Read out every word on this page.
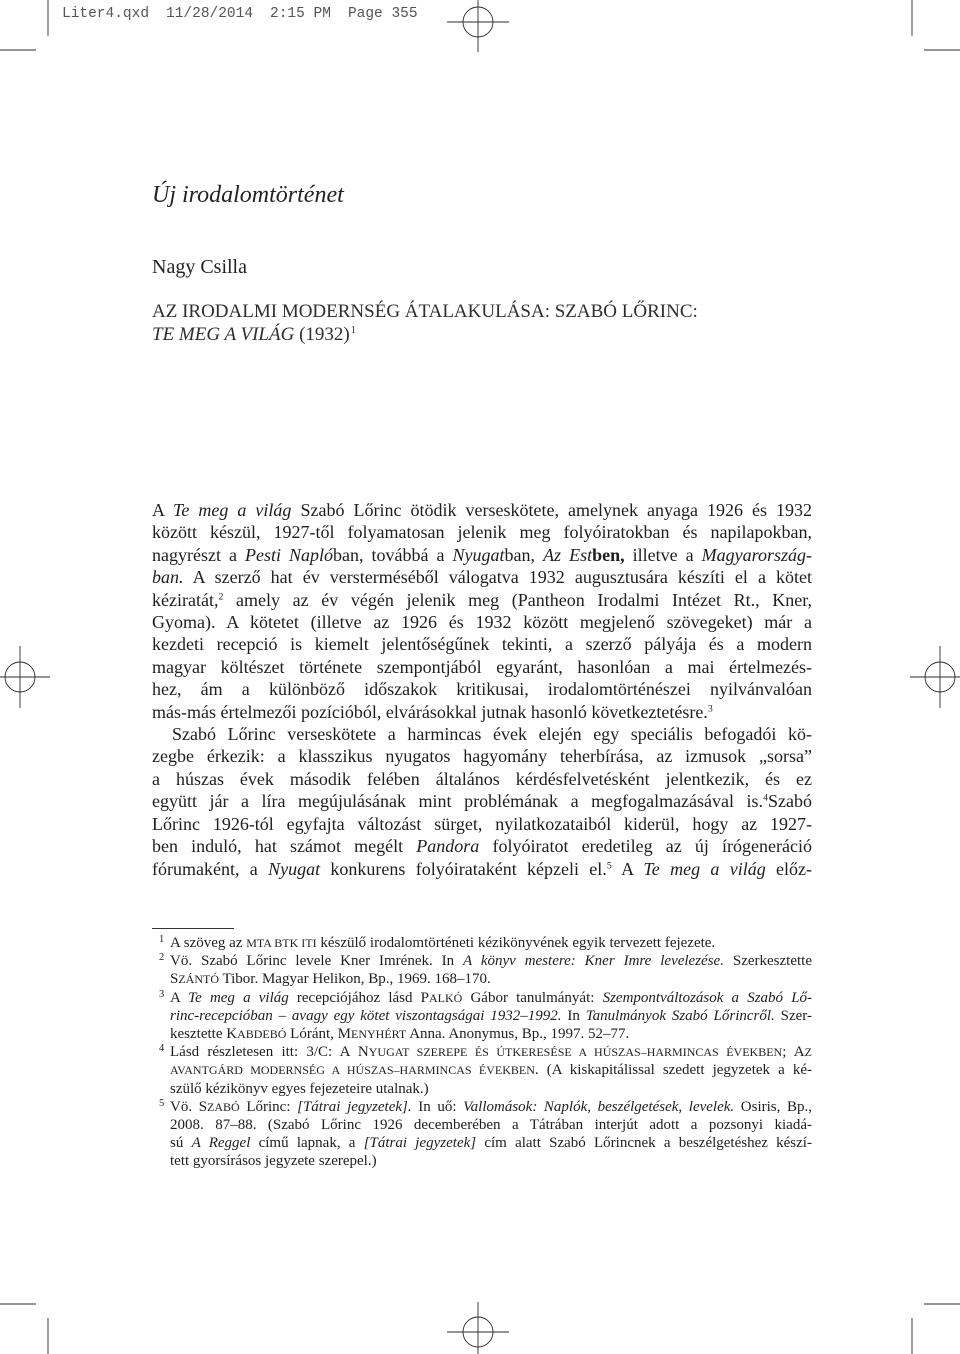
Liter4.qxd 11/28/2014 2:15 PM Page 355
Új irodalomtörténet
Nagy Csilla
AZ IRODALMI MODERNSÉG ÁTALAKULÁSA: SZABÓ LŐRINC:
TE MEG A VILÁG $(1932)^1$
A Te meg a világ Szabó Lőrinc ötödik verseskötete, amelynek anyaga 1926 és 1932
között készül, 1927-től folyamatosan jelenik meg folyóiratokban és napilapokban,
nagyrészt a Pesti Naplóban, továbbá a Nyugatban, Az Estben, illetve a Magyarország-
ban. A szerző hat év versterméséből válogatva 1932 augusztusára készíti el a kötet
kéziratát,$^2$ amely az év végén jelenik meg (Pantheon Irodalmi Intézet Rt., Kner,
Gyoma). A kötetet (illetve az 1926 és 1932 között megjelenő szövegeket) már a
kezdeti recepció is kiemelt jelentőségűnek tekinti, a szerző pályája és a modern
magyar költészet története szempontjából egyaránt, hasonlóan a mai értelmezés-
hez, ám a különböző időszakok kritikusai, irodalomtörténészei nyilvánvalóan
más-más értelmezői pozícióból, elvárásokkal jutnak hasonló következtetésre.$^3$
Szabó Lőrinc verseskötete a harmincas évek elején egy speciális befogadói kö-
zegbe érkezik: a klasszikus nyugatos hagyomány teherbírása, az izmusok „sorsa”
a húszas évek második felében általános kérdésfelvetésként jelentkezik, és ez
együtt jár a líra megújulásának mint problémának a megfogalmazásával is.$^4$Szabó
Lőrinc 1926-tól egyfajta változást sürget, nyilatkozataiból kiderül, hogy az 1927-
ben induló, hat számot megélt Pandora folyóiratot eredetileg az új írógeneráció
fórumaként, a Nyugat konkurens folyóirataként képzeli el.$^5$ A Te meg a világ előz-
1 A szöveg az MTA BTK ITI készülő irodalomtörténeti kézikönyvének egyik tervezett fejezete.
2 Vö. Szabó Lőrinc levele Kner Imrének. In A könyv mestere: Kner Imre levelezése. Szerkesztette
SZÁNTÓ Tibor. Magyar Helikon, Bp., 1969. 168–170.
3 A Te meg a világ recepciójához lásd PALKÓ Gábor tanulmányát: Szempontváltozások a Szabó Lő-
rinc-recepcióban – avagy egy kötet viszontagságai 1932–1992. In Tanulmányok Szabó Lőrincről. Szer-
kesztette KABDEBÓ Lóránt, MENYHÉRT Anna. Anonymus, Bp., 1997. 52–77.
4 Lásd részletesen itt: 3/C: A NYUGAT SZEREPE ÉS ÚTKERESÉSE A HÚSZAS–HARMINCAS ÉVEKBEN; AZ
AVANTGÁRD MODERNSÉG A HÚSZAS–HARMINCAS ÉVEKBEN. (A kiskapitálissal szedett jegyzetek a ké-
szülő kézikönyv egyes fejezeteire utalnak.)
5 Vö. SZABÓ Lőrinc: [Tátrai jegyzetek]. In uő: Vallomások: Naplók, beszélgetések, levelek. Osiris, Bp.,
2008. 87–88. (Szabó Lőrinc 1926 decemberében a Tátrában interjút adott a pozsonyi kiadá-
sú A Reggel című lapnak, a [Tátrai jegyzetek] cím alatt Szabó Lőrincnek a beszélgetéshez készí-
tett gyorsírásos jegyzete szerepel.)
